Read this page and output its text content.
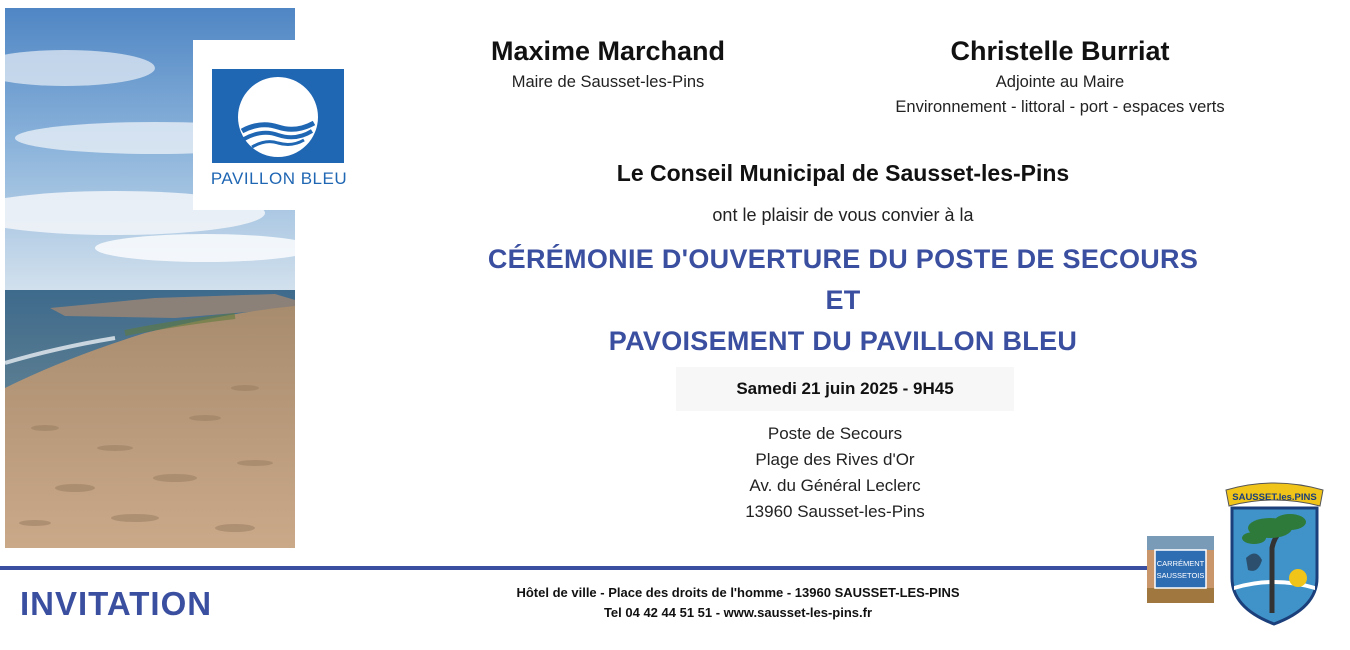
PAVILLON BLEU
Maxime Marchand
Maire de Sausset-les-Pins
Christelle Burriat
Adjointe au Maire
Environnement - littoral - port - espaces verts
Le Conseil Municipal de Sausset-les-Pins
ont le plaisir de vous convier à la
CÉRÉMONIE D'OUVERTURE DU POSTE DE SECOURS
ET
PAVOISEMENT DU PAVILLON BLEU
Samedi 21 juin 2025 - 9H45
Poste de Secours
Plage des Rives d'Or
Av. du Général Leclerc
13960 Sausset-les-Pins
INVITATION	Hôtel de ville - Place des droits de l'homme - 13960 SAUSSET-LES-PINS
Tel 04 42 44 51 51 - www.sausset-les-pins.fr
CARRÉMENT
SAUSSETOIS
SAUSSET.les.PINS
